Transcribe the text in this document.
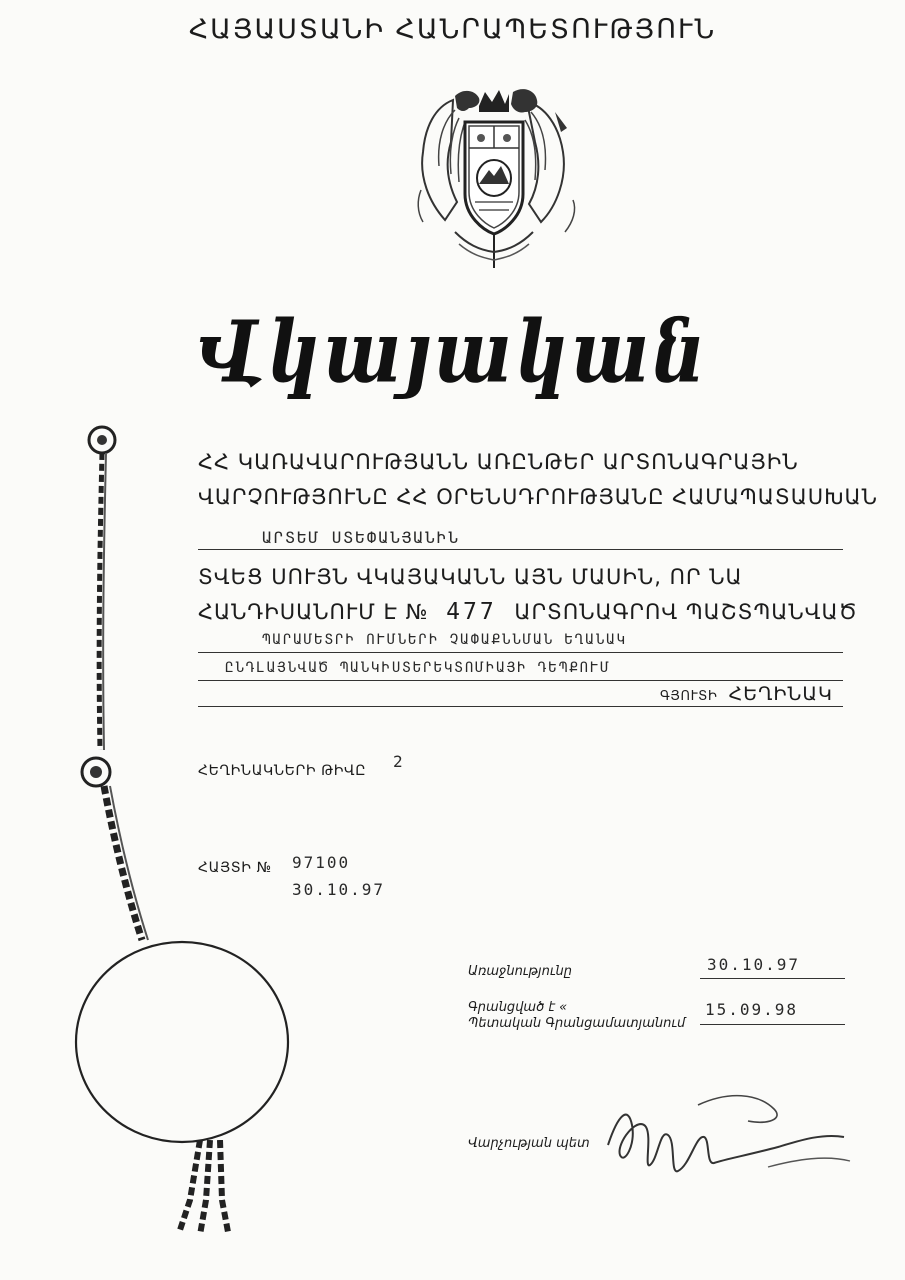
ՀԱՅԱՍՏԱՆԻ ՀԱՆՐԱՊԵՏՈՒԹՅՈՒՆ
Վկայական
ՀՀ ԿԱՌԱՎԱՐՈՒԹՅԱՆՆ ԱՌԸՆԹԵՐ ԱՐՏՈՆԱԳՐԱՅԻՆ
ՎԱՐՉՈՒԹՅՈՒՆԸ ՀՀ ՕՐԵՆՍԴՐՈՒԹՅԱՆԸ ՀԱՄԱՊԱՏԱՍԽԱՆ
ԱՐՏԵՄ ՍՏԵՓԱՆՅԱՆԻՆ
ՏՎԵՑ ՍՈՒՅՆ ՎԿԱՅԱԿԱՆՆ ԱՅՆ ՄԱՍԻՆ, ՈՐ ՆԱ
ՀԱՆԴԻՍԱՆՈՒՄ Է № 477 ԱՐՏՈՆԱԳՐՈՎ ՊԱՇՏՊԱՆՎԱԾ
ՊԱՐԱՄԵՏՐԻ ՈՒՄՆԵՐԻ ՉԱՓԱՔՆՆՄԱՆ ԵՂԱՆԱԿ
ԸՆԴԼԱՅՆՎԱԾ ՊԱՆԿԻՍՏԵՐԵԿՏՈՄԻԱՅԻ ԴԵՊՔՈՒՄ
ԳՅՈՒՏԻ ՀԵՂԻՆԱԿ
ՀԵՂԻՆԱԿՆԵՐԻ ԹԻՎԸ 2
ՀԱՅՏԻ № 97100
30.10.97
Առաջնությունը	30.10.97
Գրանցված է «
Պետական Գրանցամատյանում
15.09.98
Վարչության պետ
